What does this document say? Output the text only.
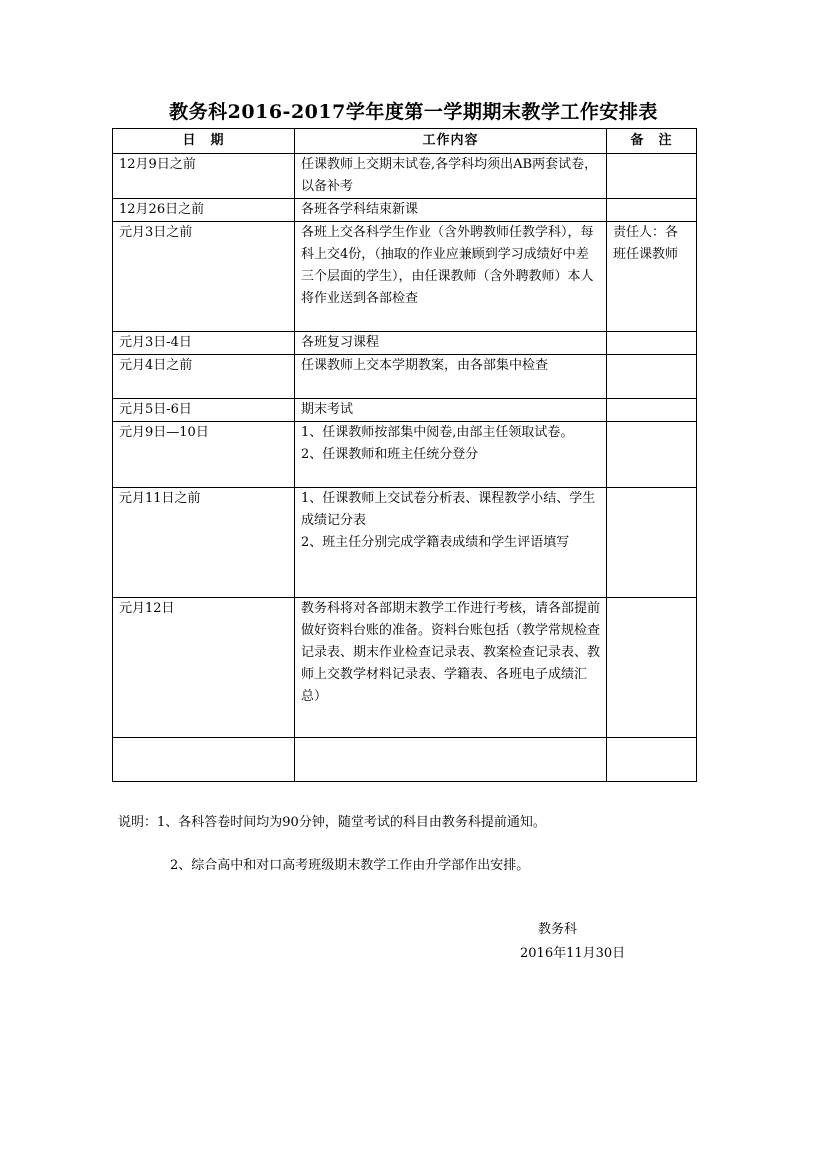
教务科2016-2017学年度第一学期期末教学工作安排表
日　期	工作内容	备　注
12月9日之前	任课教师上交期末试卷,各学科均须出AB两套试卷，以备补考	
12月26日之前	各班各学科结束新课	
元月3日之前	各班上交各科学生作业（含外聘教师任教学科），每科上交4份，（抽取的作业应兼顾到学习成绩好中差三个层面的学生），由任课教师（含外聘教师）本人将作业送到各部检查	责任人：各班任课教师
元月3日-4日	各班复习课程	
元月4日之前	任课教师上交本学期教案，由各部集中检查	
元月5日-6日	期末考试	
元月9日—10日	1、任课教师按部集中阅卷,由部主任领取试卷。
2、任课教师和班主任统分登分	
元月11日之前	1、任课教师上交试卷分析表、课程教学小结、学生成绩记分表
2、班主任分别完成学籍表成绩和学生评语填写	
元月12日	教务科将对各部期末教学工作进行考核，请各部提前做好资料台账的准备。资料台账包括（教学常规检查记录表、期末作业检查记录表、教案检查记录表、教师上交教学材料记录表、学籍表、各班电子成绩汇总）	

说明：1、各科答卷时间均为90分钟，随堂考试的科目由教务科提前通知。
2、综合高中和对口高考班级期末教学工作由升学部作出安排。
教务科
2016年11月30日
